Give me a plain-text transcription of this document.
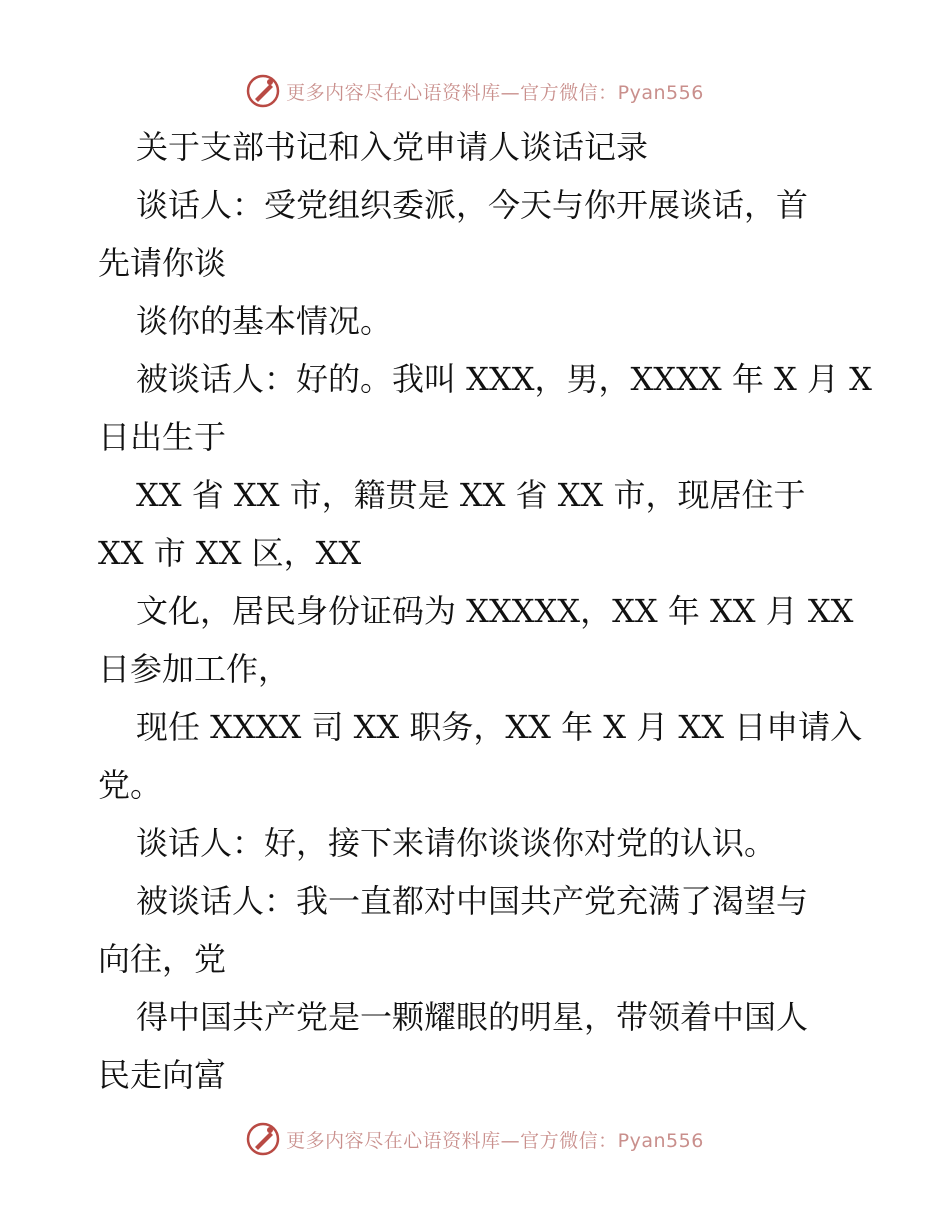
更多内容尽在心语资料库—官方微信：Pyan556
关于支部书记和入党申请人谈话记录
谈话人：受党组织委派，今天与你开展谈话，首
先请你谈
谈你的基本情况。
被谈话人：好的。我叫 XXX，男，XXXX 年 X 月 X
日出生于
XX 省 XX 市，籍贯是 XX 省 XX 市，现居住于
XX 市 XX 区，XX
文化，居民身份证码为 XXXXX，XX 年 XX 月 XX
日参加工作，
现任 XXXX 司 XX 职务，XX 年 X 月 XX 日申请入
党。
谈话人：好，接下来请你谈谈你对党的认识。
被谈话人：我一直都对中国共产党充满了渴望与
向往，党
得中国共产党是一颗耀眼的明星，带领着中国人
民走向富
更多内容尽在心语资料库—官方微信：Pyan556
